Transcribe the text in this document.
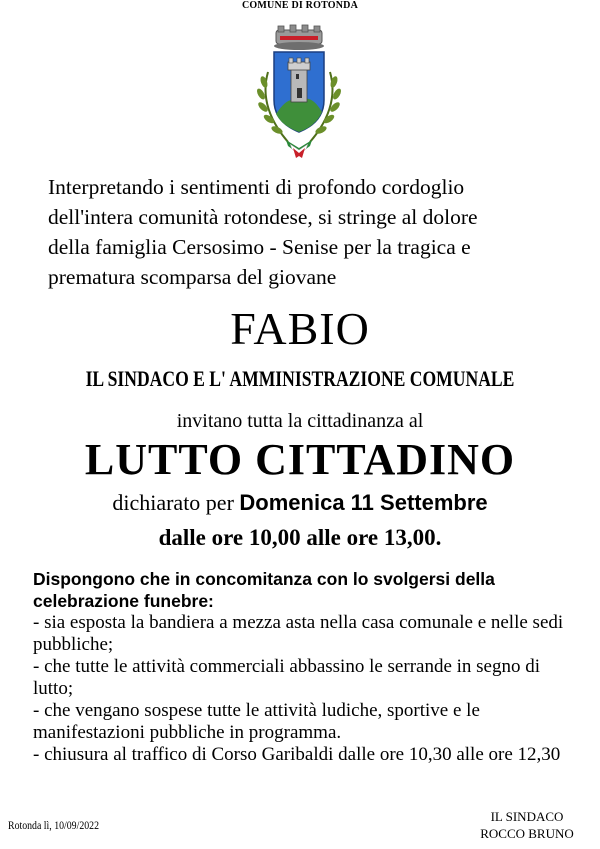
COMUNE DI ROTONDA
Interpretando i sentimenti di profondo cordoglio
dell'intera comunità rotondese, si stringe al dolore
della famiglia Cersosimo - Senise per la tragica e
prematura scomparsa del giovane
FABIO
IL SINDACO E L' AMMINISTRAZIONE COMUNALE
invitano tutta la cittadinanza al
LUTTO CITTADINO
dichiarato per Domenica 11 Settembre
dalle ore 10,00 alle ore 13,00.
Dispongono che in concomitanza con lo svolgersi della celebrazione funebre:
- sia esposta la bandiera a mezza asta nella casa comunale e nelle sedi pubbliche;
- che tutte le attività commerciali abbassino le serrande in segno di lutto;
- che vengano sospese tutte le attività ludiche, sportive e le manifestazioni pubbliche in programma.
- chiusura al traffico di Corso Garibaldi dalle ore 10,30 alle ore 12,30
Rotonda lì, 10/09/2022
IL SINDACO
ROCCO BRUNO
